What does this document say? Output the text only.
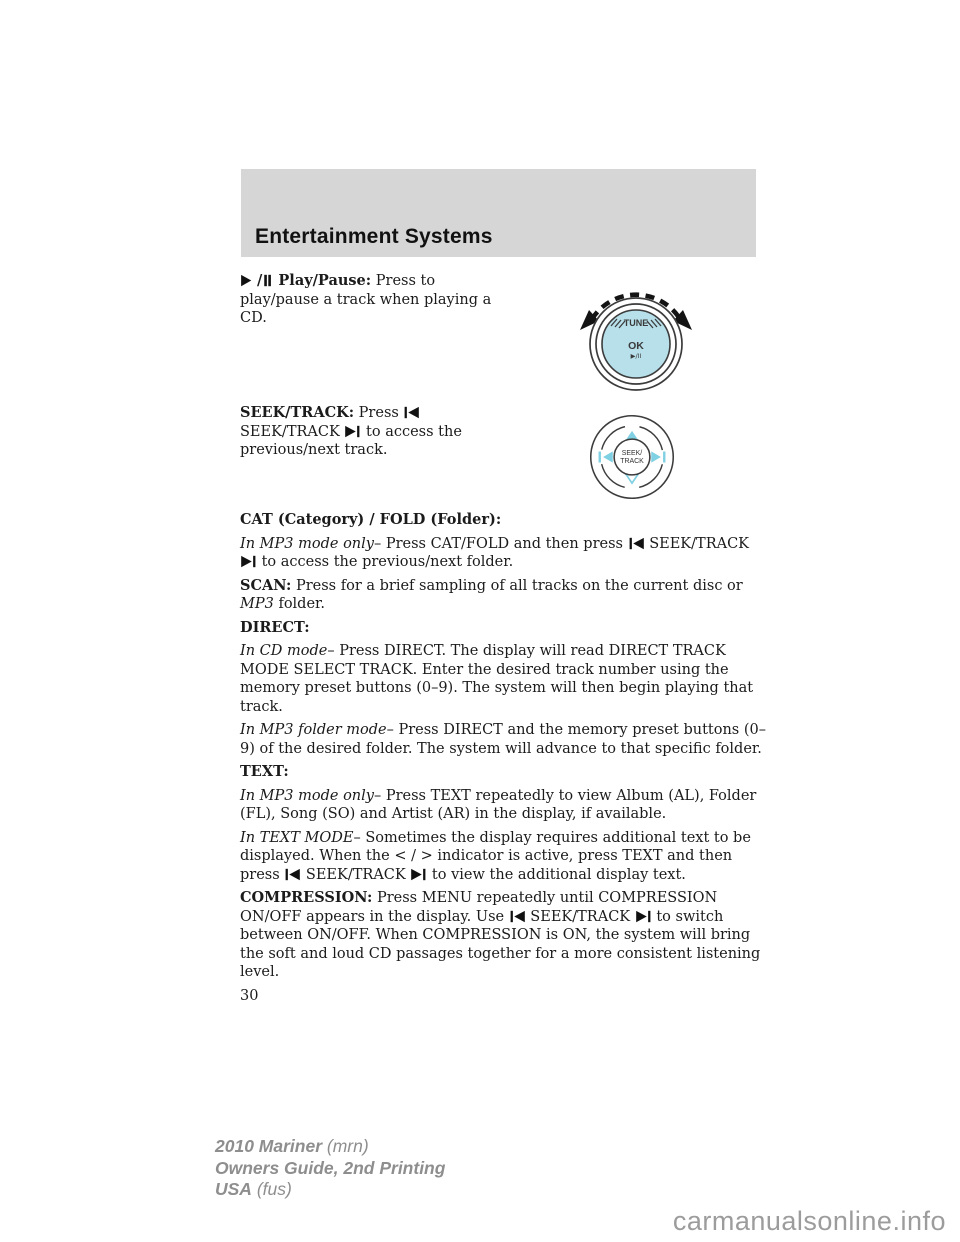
Entertainment Systems
/ Play/Pause: Press to play/pause a track when playing a CD.	TUNE
OK
▶/II
SEEK/TRACK: Press  SEEK/TRACK  to access the previous/next track.	SEEK/
TRACK

CAT (Category) / FOLD (Folder):

In MP3 mode only– Press CAT/FOLD and then press  SEEK/TRACK  to access the previous/next folder.

SCAN: Press for a brief sampling of all tracks on the current disc or MP3 folder.

DIRECT:

In CD mode– Press DIRECT. The display will read DIRECT TRACK MODE SELECT TRACK. Enter the desired track number using the memory preset buttons (0–9). The system will then begin playing that track.

In MP3 folder mode– Press DIRECT and the memory preset buttons (0–9) of the desired folder. The system will advance to that specific folder.

TEXT:

In MP3 mode only– Press TEXT repeatedly to view Album (AL), Folder (FL), Song (SO) and Artist (AR) in the display, if available.

In TEXT MODE– Sometimes the display requires additional text to be displayed. When the < / > indicator is active, press TEXT and then press  SEEK/TRACK  to view the additional display text.

COMPRESSION: Press MENU repeatedly until COMPRESSION ON/OFF appears in the display. Use  SEEK/TRACK  to switch between ON/OFF. When COMPRESSION is ON, the system will bring the soft and loud CD passages together for a more consistent listening level.

30

2010 Mariner (mrn)
Owners Guide, 2nd Printing
USA (fus)
carmanualsonline.info
